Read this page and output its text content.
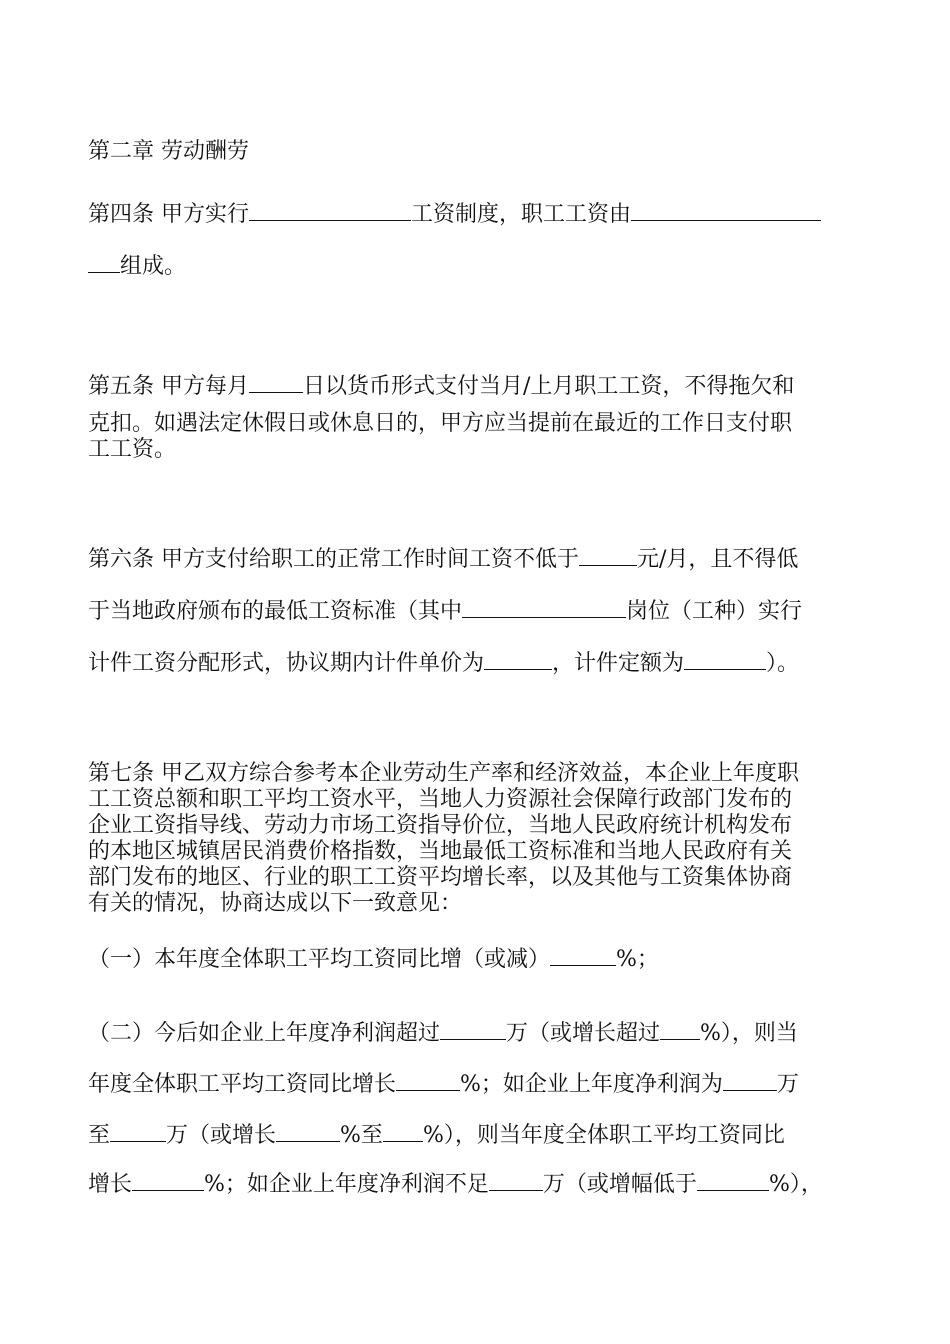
第二章 劳动酬劳
第四条 甲方实行	工资制度，职工工资由
组成。
第五条 甲方每月 日以货币形式支付当月/上月职工工资，不得拖欠和
克扣。如遇法定休假日或休息日的，甲方应当提前在最近的工作日支付职
工工资。
第六条 甲方支付给职工的正常工作时间工资不低于	元/月，且不得低
于当地政府颁布的最低工资标准（其中	岗位（工种）实行
计件工资分配形式，协议期内计件单价为	，计件定额为	）。
第七条 甲乙双方综合参考本企业劳动生产率和经济效益，本企业上年度职
工工资总额和职工平均工资水平，当地人力资源社会保障行政部门发布的
企业工资指导线、劳动力市场工资指导价位，当地人民政府统计机构发布
的本地区城镇居民消费价格指数，当地最低工资标准和当地人民政府有关
部门发布的地区、行业的职工工资平均增长率，以及其他与工资集体协商
有关的情况，协商达成以下一致意见：
（一）本年度全体职工平均工资同比增（或减）	%；
（二）今后如企业上年度净利润超过	万（或增长超过 %），则当
年度全体职工平均工资同比增长	%；如企业上年度净利润为 万
至	万（或增长	%至 %），则当年度全体职工平均工资同比
增长	%；如企业上年度净利润不足 万（或增幅低于	%），
